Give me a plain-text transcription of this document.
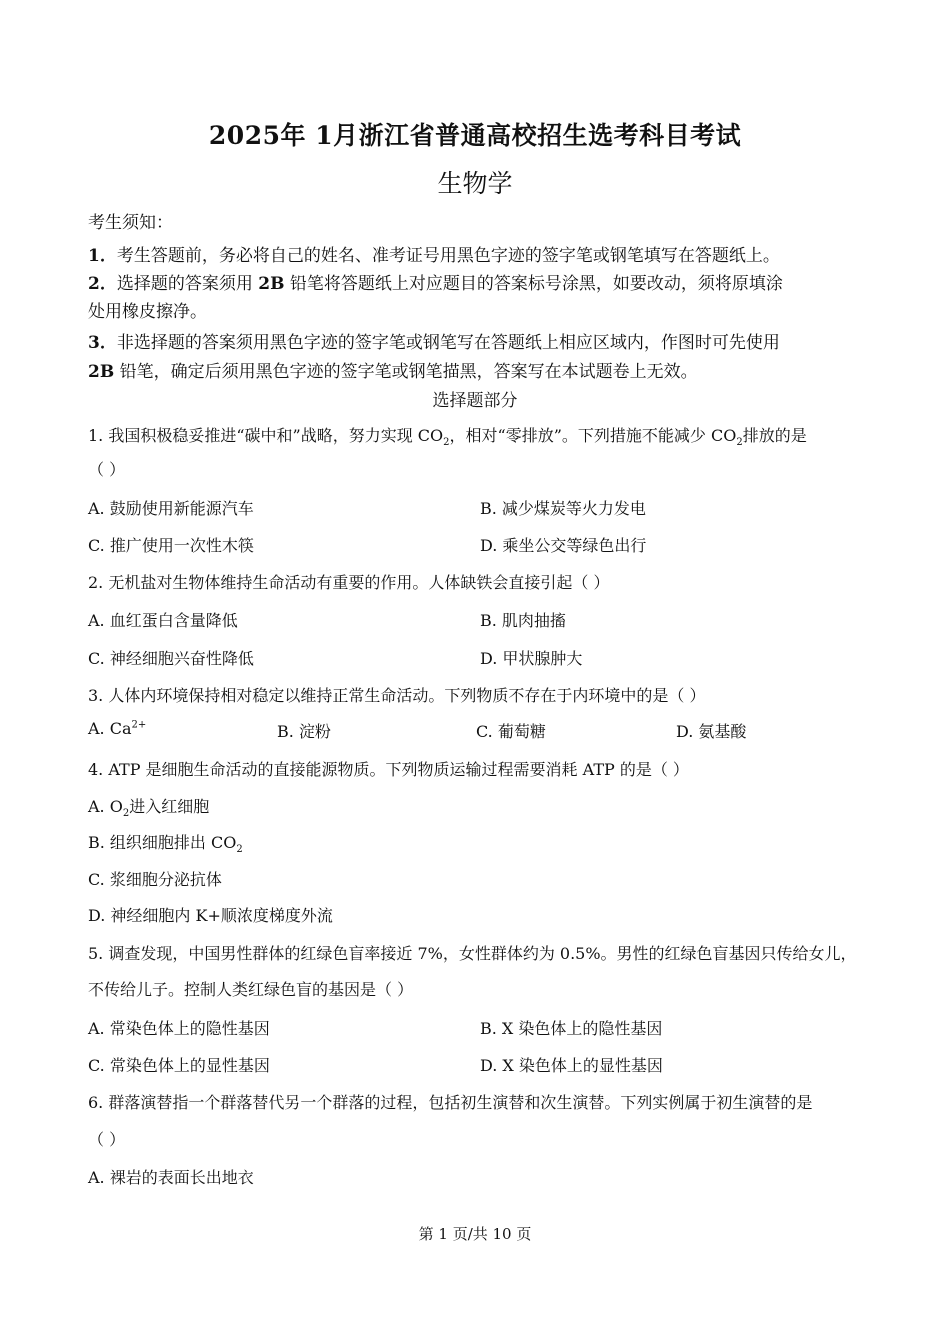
2025年 1月浙江省普通高校招生选考科目考试
生物学
考生须知：
1．考生答题前，务必将自己的姓名、准考证号用黑色字迹的签字笔或钢笔填写在答题纸上。
2．选择题的答案须用 2B 铅笔将答题纸上对应题目的答案标号涂黑，如要改动，须将原填涂
处用橡皮擦净。
3．非选择题的答案须用黑色字迹的签字笔或钢笔写在答题纸上相应区域内，作图时可先使用
2B 铅笔，确定后须用黑色字迹的签字笔或钢笔描黑，答案写在本试题卷上无效。
选择题部分
1. 我国积极稳妥推进“碳中和”战略，努力实现 $CO_2$，相对“零排放”。下列措施不能减少 $CO_2$排放的是
（ ）
A. 鼓励使用新能源汽车	B. 减少煤炭等火力发电
C. 推广使用一次性木筷	D. 乘坐公交等绿色出行
2. 无机盐对生物体维持生命活动有重要的作用。人体缺铁会直接引起（ ）
A. 血红蛋白含量降低	B. 肌肉抽搐
C. 神经细胞兴奋性降低	D. 甲状腺肿大
3. 人体内环境保持相对稳定以维持正常生命活动。下列物质不存在于内环境中的是（ ）
A. $Ca^{2+}$	B. 淀粉	C. 葡萄糖	D. 氨基酸
4. ATP 是细胞生命活动的直接能源物质。下列物质运输过程需要消耗 ATP 的是（ ）
A. $O_2$进入红细胞
B. 组织细胞排出 $CO_2$
C. 浆细胞分泌抗体
D. 神经细胞内 K+顺浓度梯度外流
5. 调查发现，中国男性群体的红绿色盲率接近 7%，女性群体约为 0.5%。男性的红绿色盲基因只传给女儿，
不传给儿子。控制人类红绿色盲的基因是（ ）
A. 常染色体上的隐性基因	B. X 染色体上的隐性基因
C. 常染色体上的显性基因	D. X 染色体上的显性基因
6. 群落演替指一个群落替代另一个群落的过程，包括初生演替和次生演替。下列实例属于初生演替的是
（ ）
A. 裸岩的表面长出地衣
第 1 页/共 10 页
